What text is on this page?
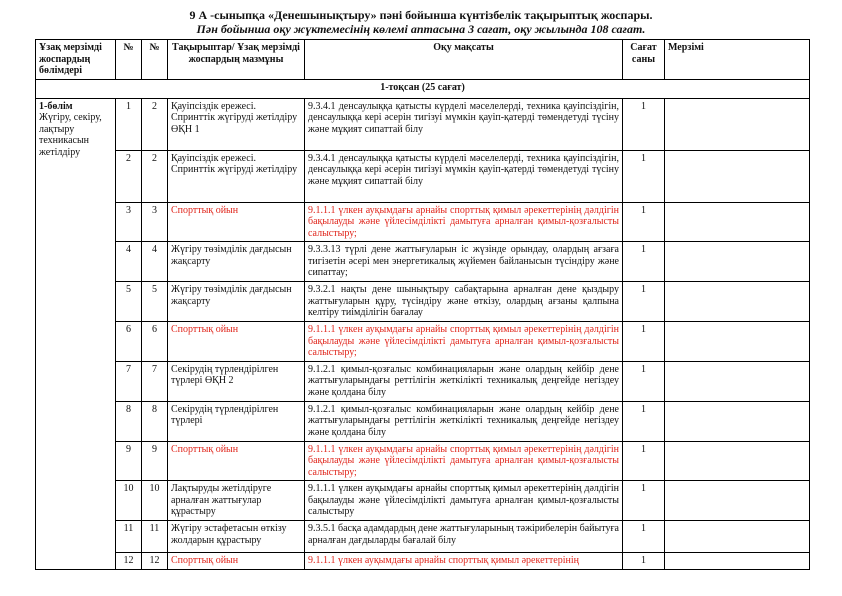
9 А -сыныпқа «Денешынықтыру» пәні бойынша күнтізбелік тақырыптық жоспары.
Пән бойынша оқу жүктемесінің көлемі аптасына 3 сағат, оқу жылында 108 сағат.
Ұзақ мерзімді жоспардың бөлімдері	№	№	Тақырыптар/ Ұзақ мерзімді жоспардың мазмұны	Оқу мақсаты	Сағат саны	Мерзімі
1-тоқсан (25 сағат)						

1-бөлім
Жүгіру, секіру, лақтыру техникасын жетілдіру	1	2	Қауіпсіздік ережесі. Спринттік жүгіруді жетілдіру ӨҚН 1	9.3.4.1 денсаулыққа қатысты күрделі мәселелерді, техника қауіпсіздігін, денсаулыққа кері әсерін тигізуі мүмкін қауіп-қатерді төмендетуді түсіну және мұқият сипаттай білу	1	
	2	2	Қауіпсіздік ережесі. Спринттік жүгіруді жетілдіру	9.3.4.1 денсаулыққа қатысты күрделі мәселелерді, техника қауіпсіздігін, денсаулыққа кері әсерін тигізуі мүмкін қауіп-қатерді төмендетуді түсіну және мұқият сипаттай білу	1	
	3	3	Спорттық ойын	9.1.1.1 үлкен ауқымдағы арнайы спорттық қимыл әрекеттерінің дәлдігін бақылауды және үйлесімділікті дамытуға арналған қимыл-қозғалысты салыстыру;	1	
	4	4	Жүгіру төзімділік дағдысын жақсарту	9.3.3.13 түрлі дене жаттығуларын іс жүзінде орындау, олардың ағзаға тигізетін әсері мен энергетикалық жүйемен байланысын түсіндіру және сипаттау;	1	
	5	5	Жүгіру төзімділік дағдысын жақсарту	9.3.2.1 нақты дене шынықтыру сабақтарына арналған дене қыздыру жаттығуларын құру, түсіндіру және өткізу, олардың ағзаны қалпына келтіру тиімділігін бағалау	1	
	6	6	Спорттық ойын	9.1.1.1 үлкен ауқымдағы арнайы спорттық қимыл әрекеттерінің дәлдігін бақылауды және үйлесімділікті дамытуға арналған қимыл-қозғалысты салыстыру;	1	
	7	7	Секірудің түрлендірілген түрлері ӨҚН 2	9.1.2.1 қимыл-қозғалыс комбинацияларын және олардың кейбір дене жаттығуларындағы реттілігін жеткілікті техникалық деңгейде негіздеу және қолдана білу	1	
	8	8	Секірудің түрлендірілген түрлері	9.1.2.1 қимыл-қозғалыс комбинацияларын және олардың кейбір дене жаттығуларындағы реттілігін жеткілікті техникалық деңгейде негіздеу және қолдана білу	1	
	9	9	Спорттық ойын	9.1.1.1 үлкен ауқымдағы арнайы спорттық қимыл әрекеттерінің дәлдігін бақылауды және үйлесімділікті дамытуға арналған қимыл-қозғалысты салыстыру;	1	
	10	10	Лақтыруды жетілдіруге арналған жаттығулар құрастыру	9.1.1.1 үлкен ауқымдағы арнайы спорттық қимыл әрекеттерінің дәлдігін бақылауды және үйлесімділікті дамытуға арналған қимыл-қозғалысты салыстыру	1	
	11	11	Жүгіру эстафетасын өткізу жолдарын құрастыру	9.3.5.1 басқа адамдардың дене жаттығуларының тәжірибелерін байытуға арналған дағдыларды бағалай білу	1	
	12	12	Спорттық ойын	9.1.1.1 үлкен ауқымдағы арнайы спорттық қимыл әрекеттерінің	1	
